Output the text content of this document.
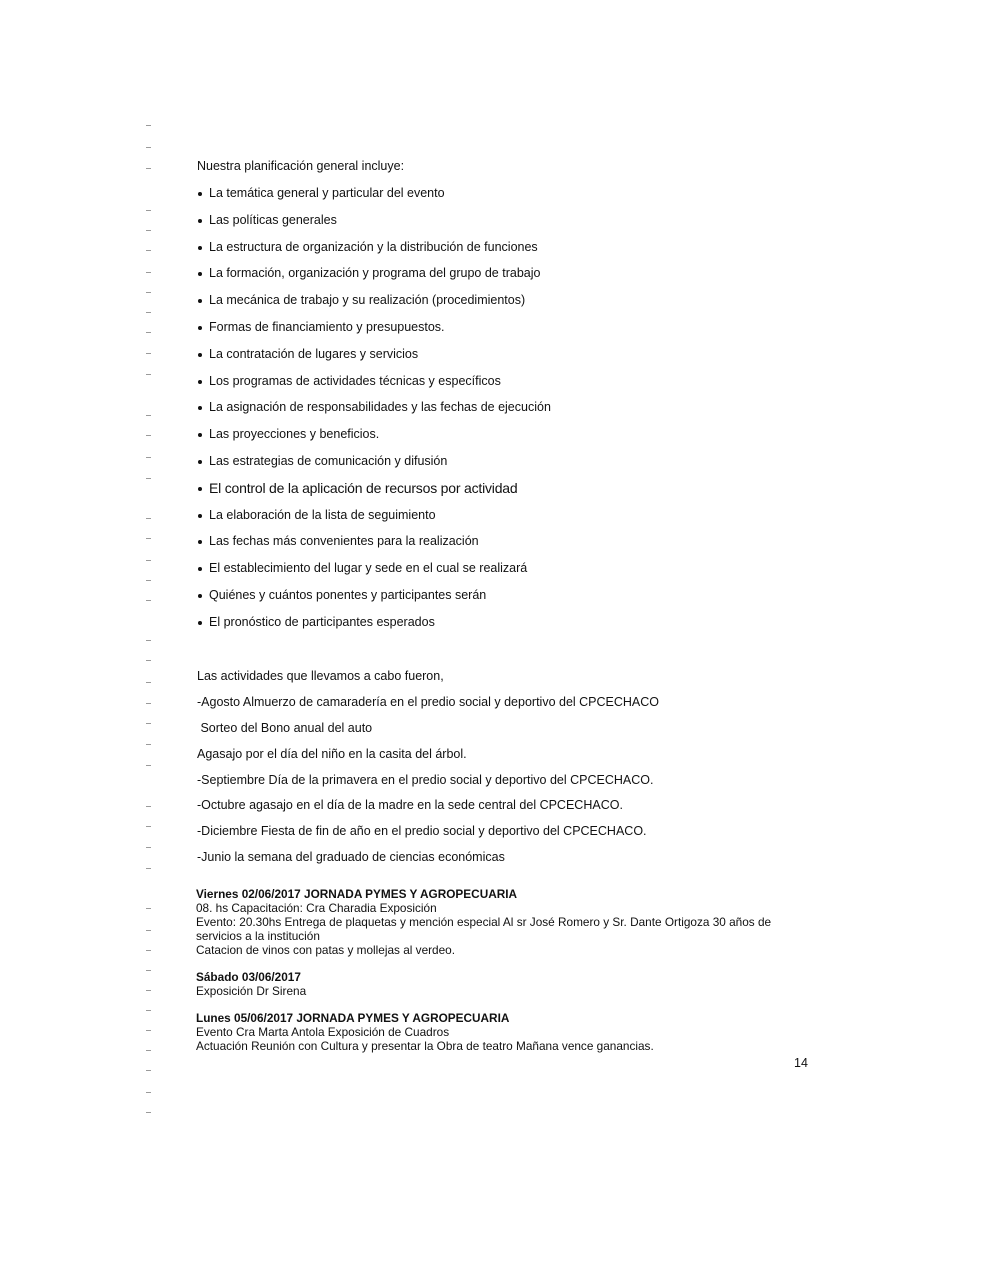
Nuestra planificación general incluye:
La temática general y particular del evento
Las políticas generales
La estructura de organización y la distribución de funciones
La formación, organización y programa del grupo de trabajo
La mecánica de trabajo y su realización (procedimientos)
Formas de financiamiento y presupuestos.
La contratación de lugares y servicios
Los programas de actividades técnicas y específicos
La asignación de responsabilidades y las fechas de ejecución
Las proyecciones y beneficios.
Las estrategias de comunicación y difusión
El control de la aplicación de recursos por actividad
La elaboración de la lista de seguimiento
Las fechas más convenientes para la realización
El establecimiento del lugar y sede en el cual se realizará
Quiénes y cuántos ponentes y participantes serán
El pronóstico de participantes esperados
Las actividades que llevamos a cabo fueron,
-Agosto Almuerzo de camaradería en el predio social y deportivo del CPCECHACO
Sorteo del Bono anual del auto
Agasajo por el día del niño en la casita del árbol.
-Septiembre Día de la primavera en el predio social y deportivo del CPCECHACO.
-Octubre agasajo en el día de la madre en la sede central del CPCECHACO.
-Diciembre Fiesta de fin de año en el predio social y deportivo del CPCECHACO.
-Junio la semana del graduado de ciencias económicas
Viernes 02/06/2017 JORNADA PYMES Y AGROPECUARIA
08. hs Capacitación: Cra Charadia Exposición
Evento: 20.30hs Entrega de plaquetas y mención especial Al sr José Romero y Sr. Dante Ortigoza 30 años de servicios a la institución
Catacion de vinos con patas y mollejas al verdeo.
Sábado 03/06/2017
Exposición Dr Sirena
Lunes 05/06/2017 JORNADA PYMES Y AGROPECUARIA
Evento Cra Marta Antola Exposición de Cuadros
Actuación Reunión con Cultura y presentar la Obra de teatro Mañana vence ganancias.
14
